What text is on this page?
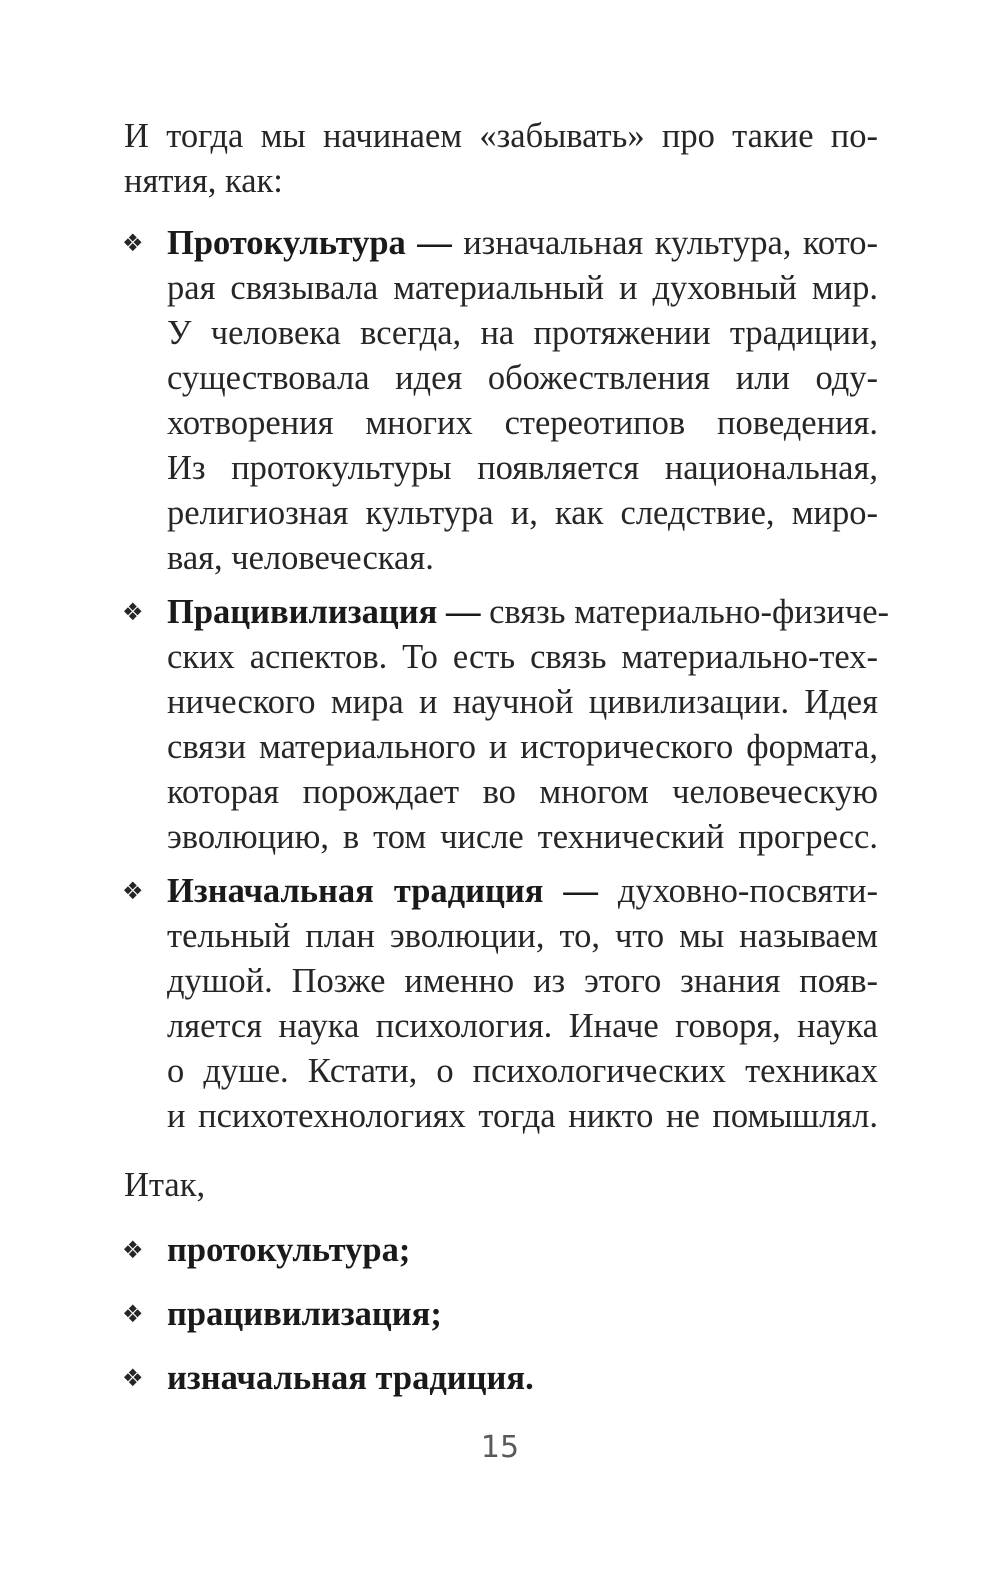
И тогда мы начинаем «забывать» про такие по-
нятия, как:
❖ Протокультура — изначальная культура, кото-
рая связывала материальный и духовный мир.
У человека всегда, на протяжении традиции,
существовала идея обожествления или оду-
хотворения многих стереотипов поведения.
Из протокультуры появляется национальная,
религиозная культура и, как следствие, миро-
вая, человеческая.
❖ Працивилизация — связь материально-физиче-
ских аспектов. То есть связь материально-тех-
нического мира и научной цивилизации. Идея
связи материального и исторического формата,
которая порождает во многом человеческую
эволюцию, в том числе технический прогресс.
❖ Изначальная традиция — духовно-посвяти-
тельный план эволюции, то, что мы называем
душой. Позже именно из этого знания появ-
ляется наука психология. Иначе говоря, наука
о душе. Кстати, о психологических техниках
и психотехнологиях тогда никто не помышлял.
Итак,
❖ протокультура;
❖ працивилизация;
❖ изначальная традиция.
15
